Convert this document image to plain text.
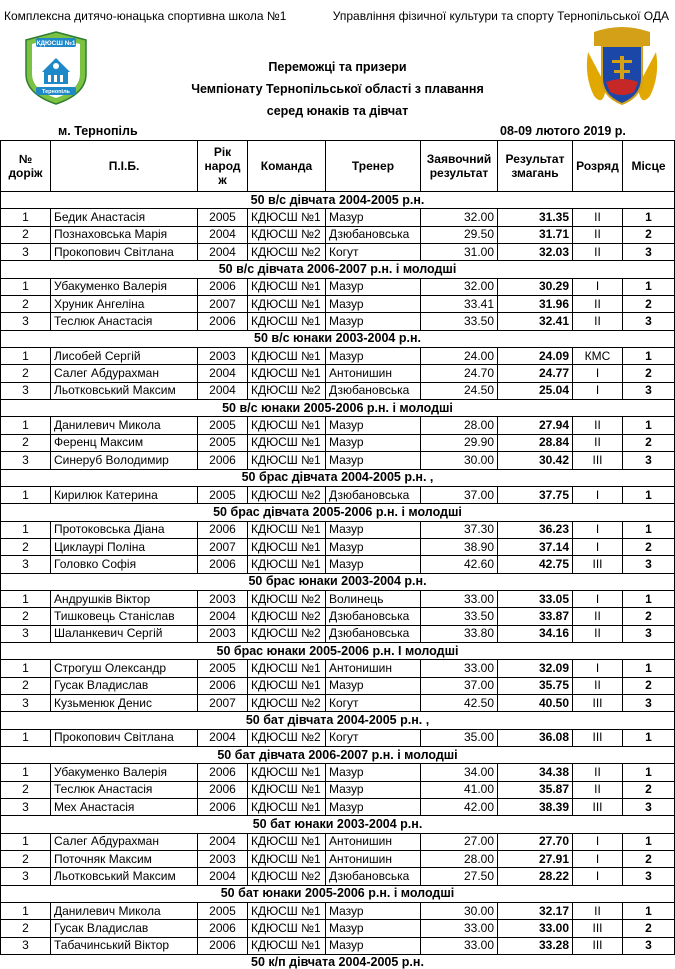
Комплексна дитячо-юнацька спортивна школа №1	Управління фізичної культури та спорту Тернопільської ОДА
КДЮСШ №1
Тернопіль
Переможці та призери
Чемпіонату Тернопільської області з плавання
серед юнаків та дівчат
м. Тернопіль	08-09 лютого 2019 р.
№ доріж	П.І.Б.	Рік народ ж	Команда	Тренер	Заявочний результат	Результат змагань	Розряд	Місце
50 в/с дівчата 2004-2005 р.н.								
1	Бедик Анастасія	2005	КДЮСШ №1	Мазур	32.00	31.35	II	1
2	Познаховська Марія	2004	КДЮСШ №2	Дзюбановська	29.50	31.71	II	2
3	Прокопович Світлана	2004	КДЮСШ №2	Когут	31.00	32.03	II	3
50 в/с дівчата 2006-2007 р.н. і молодші								
1	Убакуменко Валерія	2006	КДЮСШ №1	Мазур	32.00	30.29	I	1
2	Хруник Ангеліна	2007	КДЮСШ №1	Мазур	33.41	31.96	II	2
3	Теслюк Анастасія	2006	КДЮСШ №1	Мазур	33.50	32.41	II	3
50 в/с юнаки 2003-2004 р.н.								
1	Лисобей Сергій	2003	КДЮСШ №1	Мазур	24.00	24.09	КМС	1
2	Салег Абдурахман	2004	КДЮСШ №1	Антонишин	24.70	24.77	I	2
3	Льотковський Максим	2004	КДЮСШ №2	Дзюбановська	24.50	25.04	I	3
50 в/с юнаки 2005-2006 р.н. і молодші								
1	Данилевич Микола	2005	КДЮСШ №1	Мазур	28.00	27.94	II	1
2	Ференц Максим	2005	КДЮСШ №1	Мазур	29.90	28.84	II	2
3	Синеруб Володимир	2006	КДЮСШ №1	Мазур	30.00	30.42	III	3
50 брас дівчата 2004-2005 р.н. ,								
1	Кирилюк Катерина	2005	КДЮСШ №2	Дзюбановська	37.00	37.75	I	1
50 брас дівчата 2005-2006 р.н. і молодші								
1	Протоковська Діана	2006	КДЮСШ №1	Мазур	37.30	36.23	I	1
2	Циклаурі Поліна	2007	КДЮСШ №1	Мазур	38.90	37.14	I	2
3	Головко Софія	2006	КДЮСШ №1	Мазур	42.60	42.75	III	3
50 брас юнаки 2003-2004 р.н.								
1	Андрушків Віктор	2003	КДЮСШ №2	Волинець	33.00	33.05	I	1
2	Тишковець Станіслав	2004	КДЮСШ №2	Дзюбановська	33.50	33.87	II	2
3	Шаланкевич Сергій	2003	КДЮСШ №2	Дзюбановська	33.80	34.16	II	3
50 брас юнаки 2005-2006 р.н. І молодші								
1	Строгуш Олександр	2005	КДЮСШ №1	Антонишин	33.00	32.09	I	1
2	Гусак Владислав	2006	КДЮСШ №1	Мазур	37.00	35.75	II	2
3	Кузьменюк Денис	2007	КДЮСШ №2	Когут	42.50	40.50	III	3
50 бат дівчата 2004-2005 р.н. ,								
1	Прокопович Світлана	2004	КДЮСШ №2	Когут	35.00	36.08	III	1
50 бат дівчата 2006-2007 р.н. і молодші								
1	Убакуменко Валерія	2006	КДЮСШ №1	Мазур	34.00	34.38	II	1
2	Теслюк Анастасія	2006	КДЮСШ №1	Мазур	41.00	35.87	II	2
3	Мех Анастасія	2006	КДЮСШ №1	Мазур	42.00	38.39	III	3
50 бат юнаки 2003-2004 р.н.								
1	Салег Абдурахман	2004	КДЮСШ №1	Антонишин	27.00	27.70	I	1
2	Поточняк Максим	2003	КДЮСШ №1	Антонишин	28.00	27.91	I	2
3	Льотковський Максим	2004	КДЮСШ №2	Дзюбановська	27.50	28.22	I	3
50 бат юнаки 2005-2006 р.н. і молодші								
1	Данилевич Микола	2005	КДЮСШ №1	Мазур	30.00	32.17	II	1
2	Гусак Владислав	2006	КДЮСШ №1	Мазур	33.00	33.00	III	2
3	Табачинський Віктор	2006	КДЮСШ №1	Мазур	33.00	33.28	III	3
50 к/п дівчата 2004-2005 р.н.
